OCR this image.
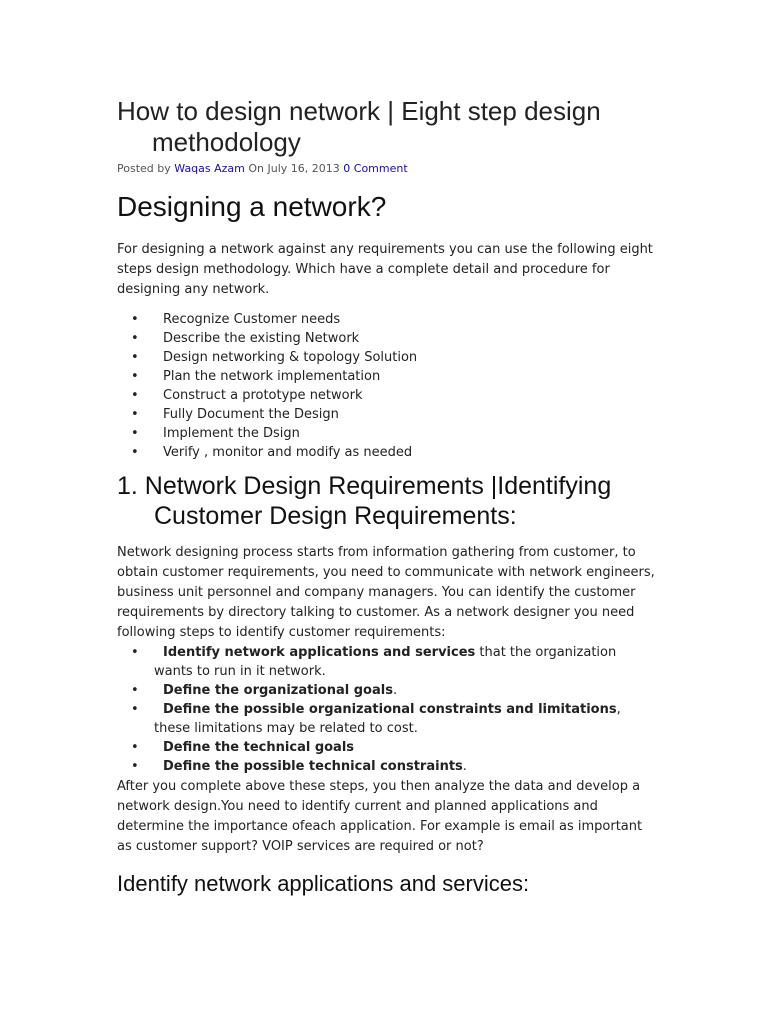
How to design network | Eight step design methodology
Posted by Waqas Azam On July 16, 2013 0 Comment
Designing a network?

For designing a network against any requirements you can use the following eight steps design methodology. Which have a complete detail and procedure for designing any network.

• Recognize Customer needs
• Describe the existing Network
• Design networking & topology Solution
• Plan the network implementation
• Construct a prototype network
• Fully Document the Design
• Implement the Dsign
• Verify , monitor and modify as needed
1. Network Design Requirements |Identifying Customer Design Requirements:

Network designing process starts from information gathering from customer, to obtain customer requirements, you need to communicate with network engineers, business unit personnel and company managers. You can identify the customer requirements by directory talking to customer. As a network designer you need following steps to identify customer requirements:

• Identify network applications and services that the organization wants to run in it network.
• Define the organizational goals.
• Define the possible organizational constraints and limitations, these limitations may be related to cost.
• Define the technical goals
• Define the possible technical constraints.

After you complete above these steps, you then analyze the data and develop a network design.You need to identify current and planned applications and determine the importance ofeach application. For example is email as important as customer support? VOIP services are required or not?

Identify network applications and services:
